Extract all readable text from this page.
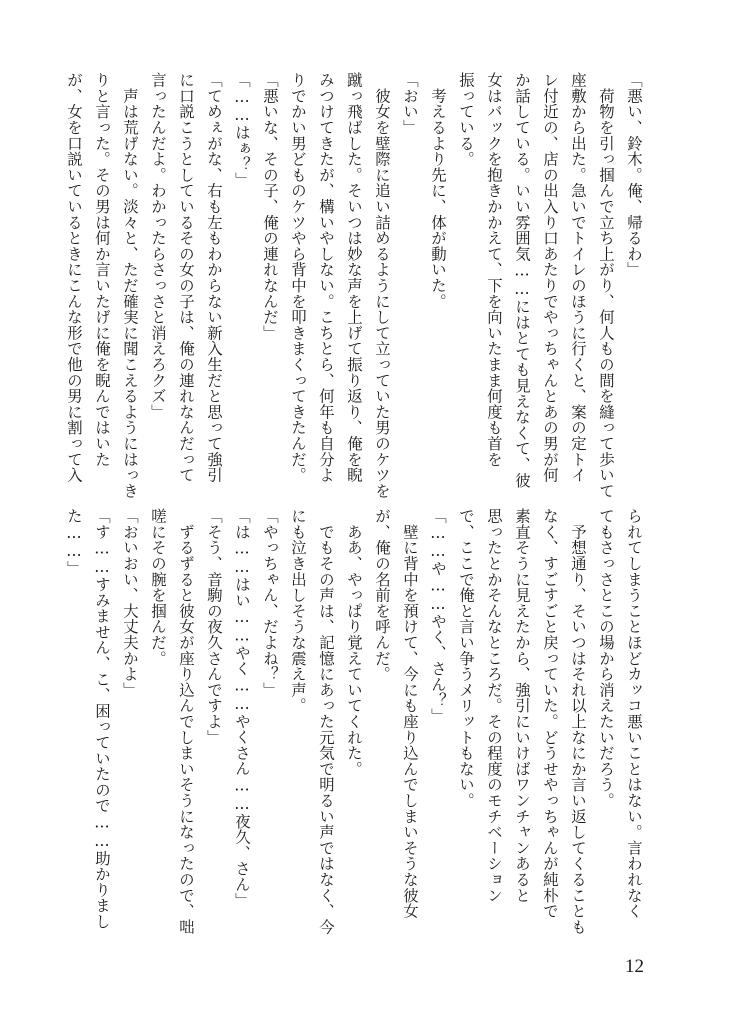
「悪い、鈴木。俺、帰るわ」
　荷物を引っ掴んで立ち上がり、何人もの間を縫って歩いて
座敷から出た。急いでトイレのほうに行くと、案の定トイ
レ付近の、店の出入り口あたりでやっちゃんとあの男が何
か話している。いい雰囲気……にはとても見えなくて、彼
女はバックを抱きかかえて、下を向いたまま何度も首を
振っている。
　考えるより先に、体が動いた。
「おい」
　彼女を壁際に追い詰めるようにして立っていた男のケツを
蹴っ飛ばした。そいつは妙な声を上げて振り返り、俺を睨
みつけてきたが、構いやしない。こちとら、何年も自分よ
りでかい男どものケツやら背中を叩きまくってきたんだ。
「悪いな、その子、俺の連れなんだ」
「……はぁ？」
「てめぇがな、右も左もわからない新入生だと思って強引
に口説こうとしているその女の子は、俺の連れなんだって
言ったんだよ。わかったらさっさと消えろクズ」
　声は荒げない。淡々と、ただ確実に聞こえるようにはっき
りと言った。その男は何か言いたげに俺を睨んではいた
が、女を口説いているときにこんな形で他の男に割って入
られてしまうことほどカッコ悪いことはない。言われなく
てもさっさとこの場から消えたいだろう。
　予想通り、そいつはそれ以上なにか言い返してくることも
なく、すごすごと戻っていた。どうせやっちゃんが純朴で
素直そうに見えたから、強引にいけばワンチャンあると
思ったとかそんなところだ。その程度のモチベーション
で、ここで俺と言い争うメリットもない。
「……や……やく、さん？」
　壁に背中を預けて、今にも座り込んでしまいそうな彼女
が、俺の名前を呼んだ。
　ああ、やっぱり覚えていてくれた。
　でもその声は、記憶にあった元気で明るい声ではなく、今
にも泣き出しそうな震え声。
「やっちゃん、だよね？」
「は……はい……やく……やくさん……夜久、さん」
「そう、音駒の夜久さんですよ」
　ずるずると彼女が座り込んでしまいそうになったので、咄
嗟にその腕を掴んだ。
「おいおい、大丈夫かよ」
「す……すみません、こ、困っていたので……助かりまし
た……」
12
